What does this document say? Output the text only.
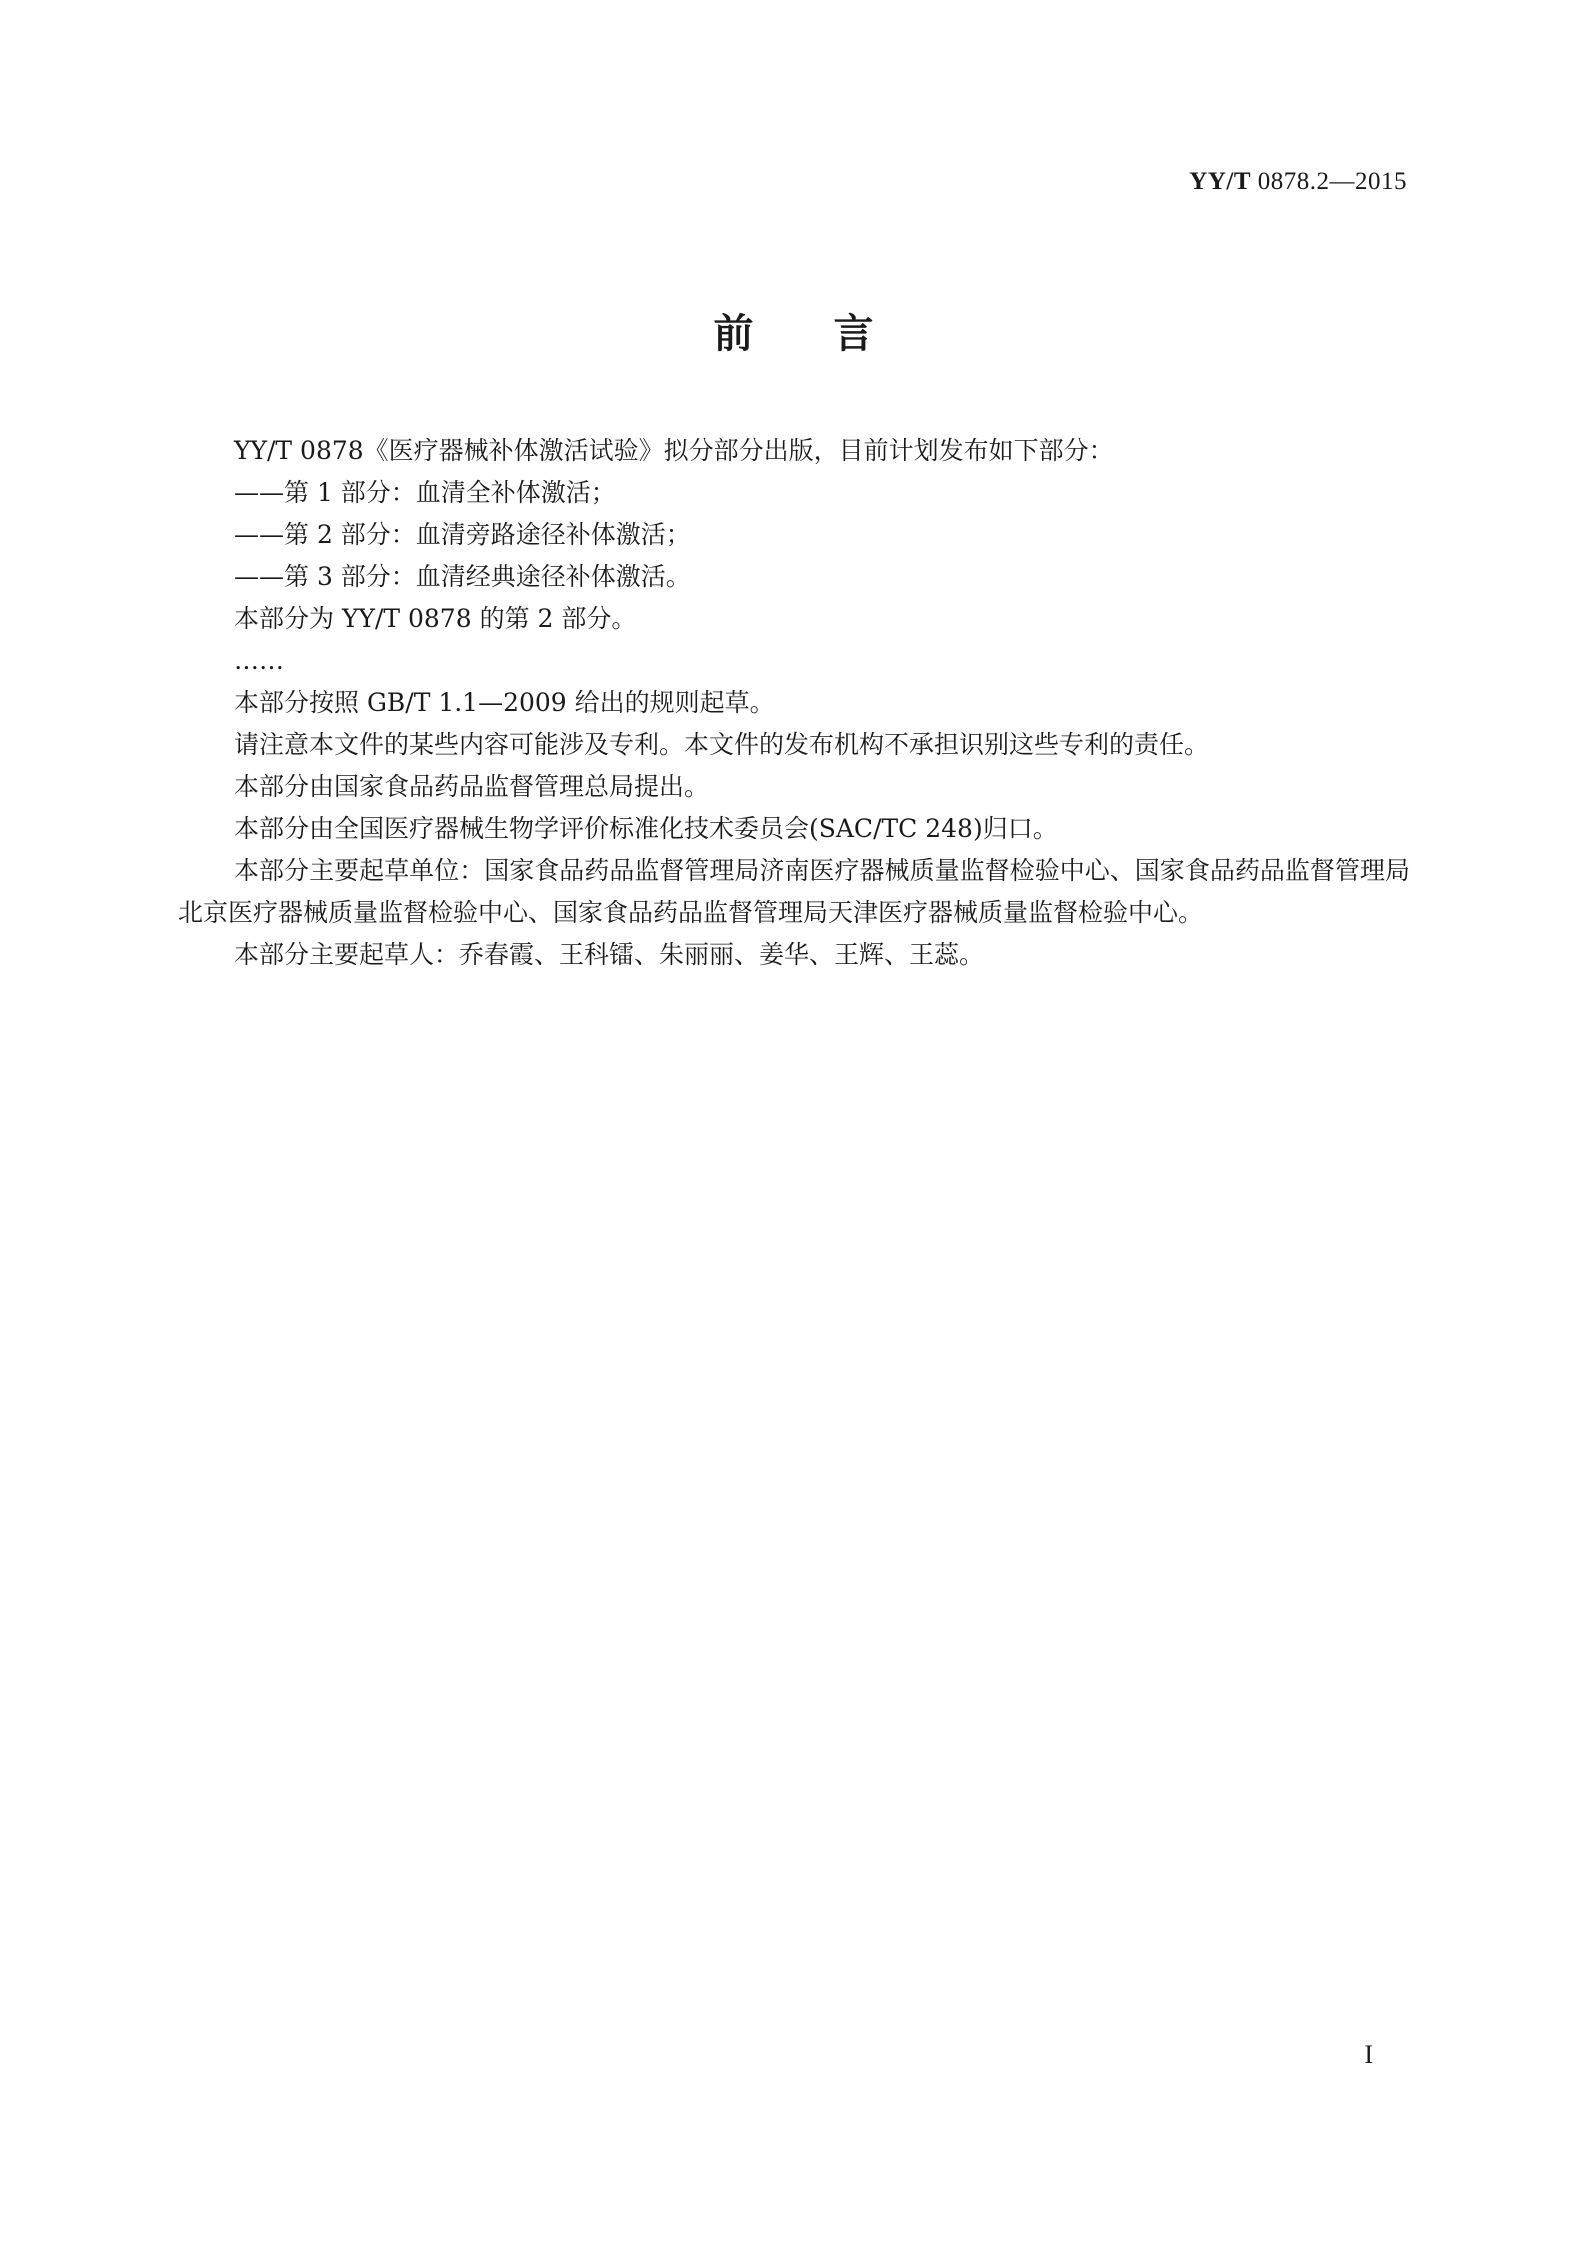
YY/T 0878.2—2015
前言

YY/T 0878《医疗器械补体激活试验》拟分部分出版，目前计划发布如下部分：

——第 1 部分：血清全补体激活；

——第 2 部分：血清旁路途径补体激活；

——第 3 部分：血清经典途径补体激活。

本部分为 YY/T 0878 的第 2 部分。

……

本部分按照 GB/T 1.1—2009 给出的规则起草。

请注意本文件的某些内容可能涉及专利。本文件的发布机构不承担识别这些专利的责任。

本部分由国家食品药品监督管理总局提出。

本部分由全国医疗器械生物学评价标准化技术委员会(SAC/TC 248)归口。

本部分主要起草单位：国家食品药品监督管理局济南医疗器械质量监督检验中心、国家食品药品监督管理局北京医疗器械质量监督检验中心、国家食品药品监督管理局天津医疗器械质量监督检验中心。

本部分主要起草人：乔春霞、王科镭、朱丽丽、姜华、王辉、王蕊。

I
